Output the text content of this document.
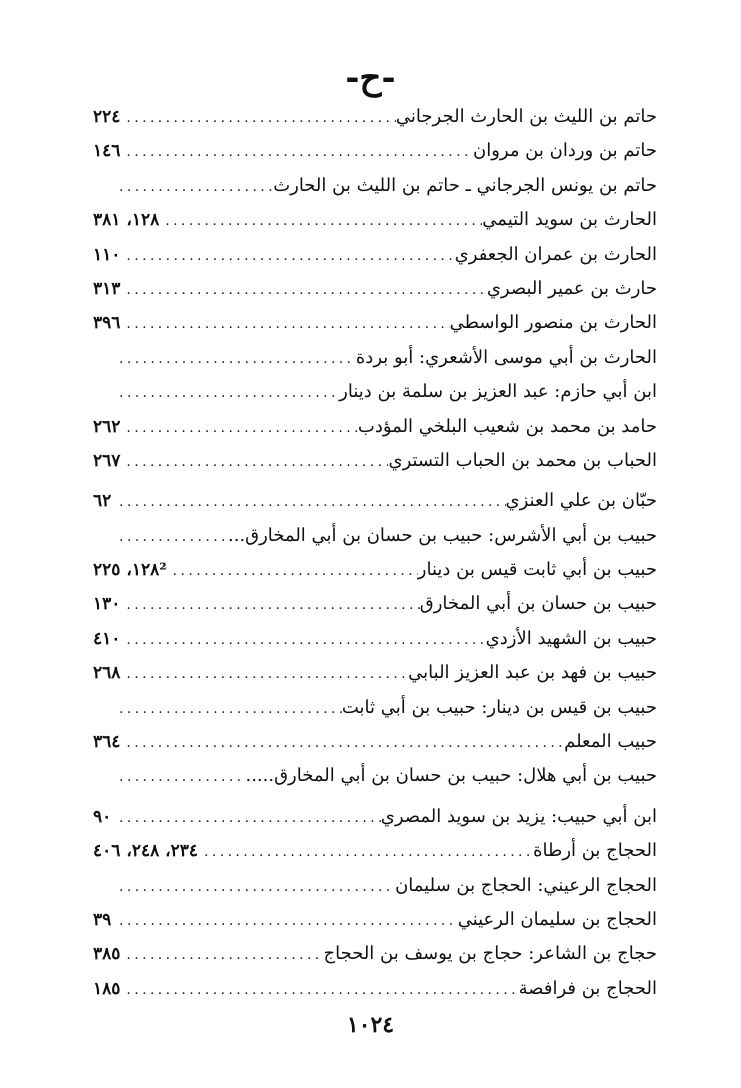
-ح-
حاتم بن الليث بن الحارث الجرجاني
.....
٢٢٤
حاتم بن وردان بن مروان
.....
١٤٦
حاتم بن يونس الجرجاني ـ حاتم بن الليث بن الحارث
.....
الحارث بن سويد التيمي
.....
١٢٨، ٣٨١
الحارث بن عمران الجعفري
.....
١١٠
حارث بن عمير البصري
.....
٣١٣
الحارث بن منصور الواسطي
.....
٣٩٦
الحارث بن أبي موسى الأشعري: أبو بردة
.....
ابن أبي حازم: عبد العزيز بن سلمة بن دينار
.....
حامد بن محمد بن شعيب البلخي المؤدب
.....
٢٦٢
الحباب بن محمد بن الحباب التستري
.....
٢٦٧
حبّان بن علي العنزي
.....
٦٢
حبيب بن أبي الأشرس: حبيب بن حسان بن أبي المخارق...
.....
حبيب بن أبي ثابت قيس بن دينار
.....
١٢٨، ٢٢٥²
حبيب بن حسان بن أبي المخارق
.....
١٣٠
حبيب بن الشهيد الأزدي
.....
٤١٠
حبيب بن فهد بن عبد العزيز البابي
.....
٢٦٨
حبيب بن قيس بن دينار: حبيب بن أبي ثابت
.....
حبيب المعلم
.....
٣٦٤
حبيب بن أبي هلال: حبيب بن حسان بن أبي المخارق.....
.....
ابن أبي حبيب: يزيد بن سويد المصري
.....
٩٠
الحجاج بن أرطاة
.....
٢٣٤، ٢٤٨، ٤٠٦
الحجاج الرعيني: الحجاج بن سليمان
.....
الحجاج بن سليمان الرعيني
.....
٣٩
حجاج بن الشاعر: حجاج بن يوسف بن الحجاج
.....
٣٨٥
الحجاج بن فرافصة
.....
١٨٥
١٠٢٤
